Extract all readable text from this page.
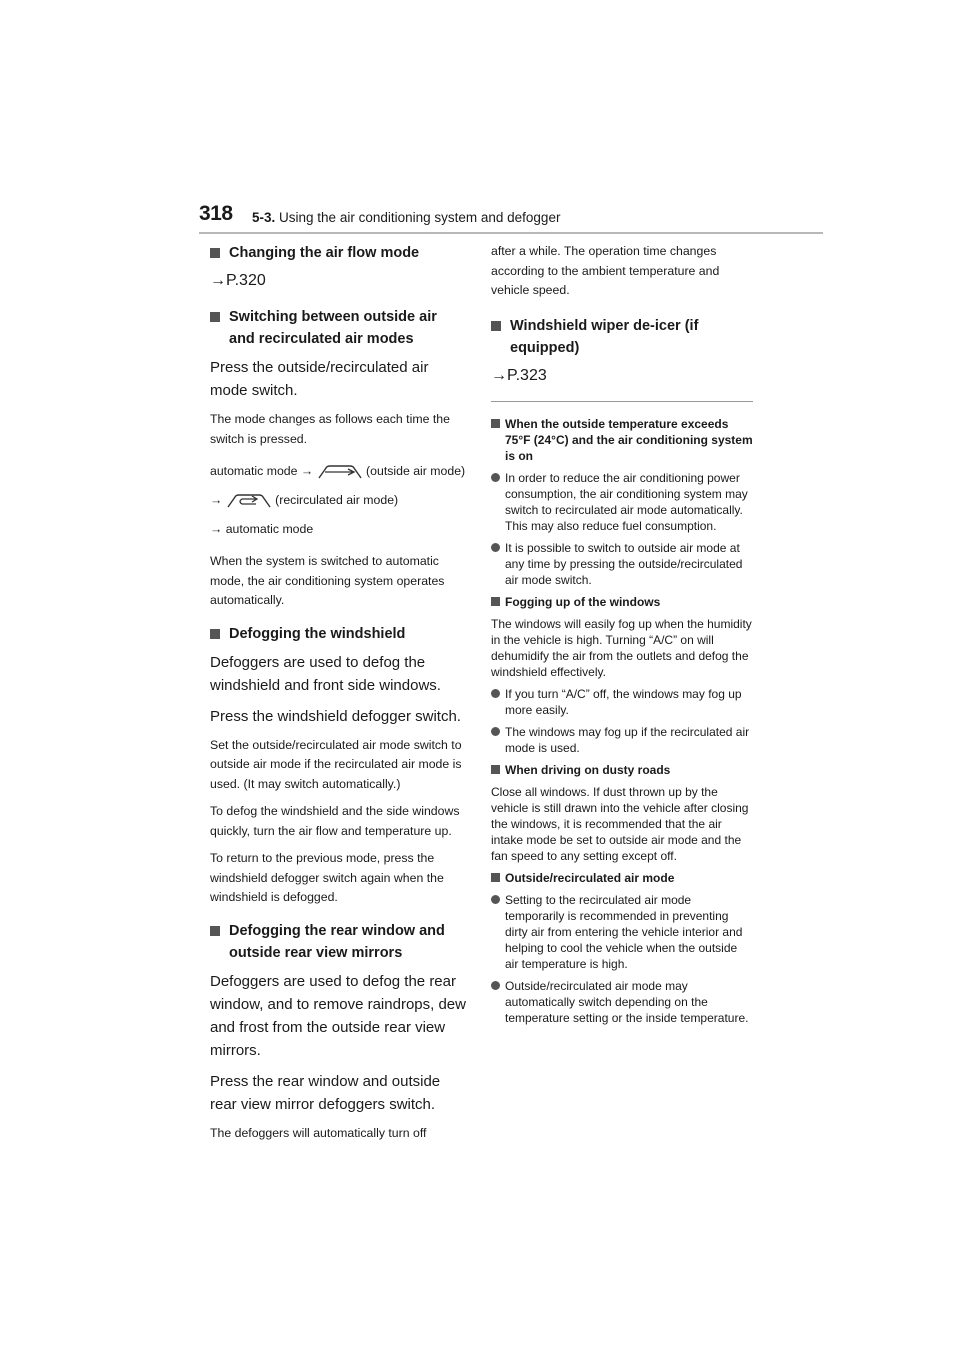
318 5-3. Using the air conditioning system and defogger
Changing the air flow mode
→P.320
Switching between outside air and recirculated air modes
Press the outside/recirculated air mode switch.
The mode changes as follows each time the switch is pressed.
automatic mode →	(outside air mode) →	(recirculated air mode)
→ automatic mode
When the system is switched to automatic mode, the air conditioning system operates automatically.
Defogging the windshield
Defoggers are used to defog the windshield and front side windows.
Press the windshield defogger switch.
Set the outside/recirculated air mode switch to outside air mode if the recirculated air mode is used. (It may switch automatically.)
To defog the windshield and the side windows quickly, turn the air flow and temperature up.
To return to the previous mode, press the windshield defogger switch again when the windshield is defogged.
Defogging the rear window and outside rear view mirrors
Defoggers are used to defog the rear window, and to remove raindrops, dew and frost from the outside rear view mirrors.
Press the rear window and outside rear view mirror defoggers switch.
The defoggers will automatically turn off
after a while. The operation time changes according to the ambient temperature and vehicle speed.
Windshield wiper de-icer (if equipped)
→P.323
When the outside temperature exceeds 75°F (24°C) and the air conditioning system is on
In order to reduce the air conditioning power consumption, the air conditioning system may switch to recirculated air mode automatically. This may also reduce fuel consumption.
It is possible to switch to outside air mode at any time by pressing the outside/recirculated air mode switch.
Fogging up of the windows
The windows will easily fog up when the humidity in the vehicle is high. Turning “A/C” on will dehumidify the air from the outlets and defog the windshield effectively.
If you turn “A/C” off, the windows may fog up more easily.
The windows may fog up if the recirculated air mode is used.
When driving on dusty roads
Close all windows. If dust thrown up by the vehicle is still drawn into the vehicle after closing the windows, it is recommended that the air intake mode be set to outside air mode and the fan speed to any setting except off.
Outside/recirculated air mode
Setting to the recirculated air mode temporarily is recommended in preventing dirty air from entering the vehicle interior and helping to cool the vehicle when the outside air temperature is high.
Outside/recirculated air mode may automatically switch depending on the temperature setting or the inside temperature.
